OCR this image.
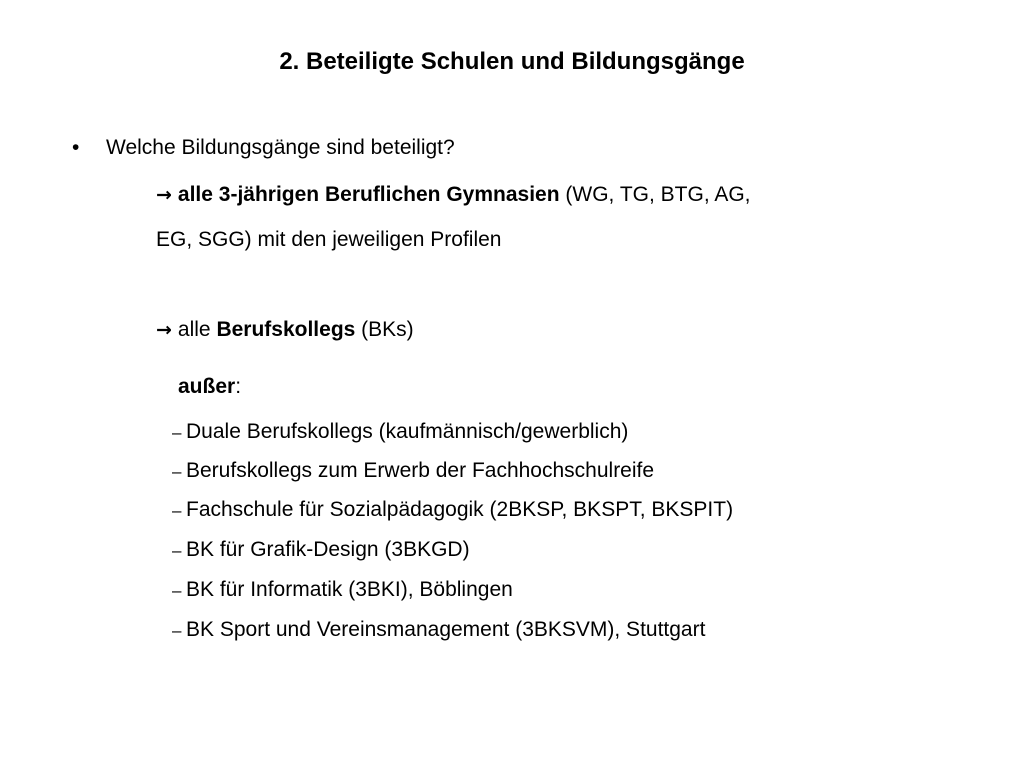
2. Beteiligte Schulen und Bildungsgänge
• Welche Bildungsgänge sind beteiligt?
→ alle 3-jährigen Beruflichen Gymnasien (WG, TG, BTG, AG,
EG, SGG) mit den jeweiligen Profilen
→ alle Berufskollegs (BKs)
außer:
– Duale Berufskollegs (kaufmännisch/gewerblich)
– Berufskollegs zum Erwerb der Fachhochschulreife
– Fachschule für Sozialpädagogik (2BKSP, BKSPT, BKSPIT)
– BK für Grafik-Design (3BKGD)
– BK für Informatik (3BKI), Böblingen
– BK Sport und Vereinsmanagement (3BKSVM), Stuttgart
